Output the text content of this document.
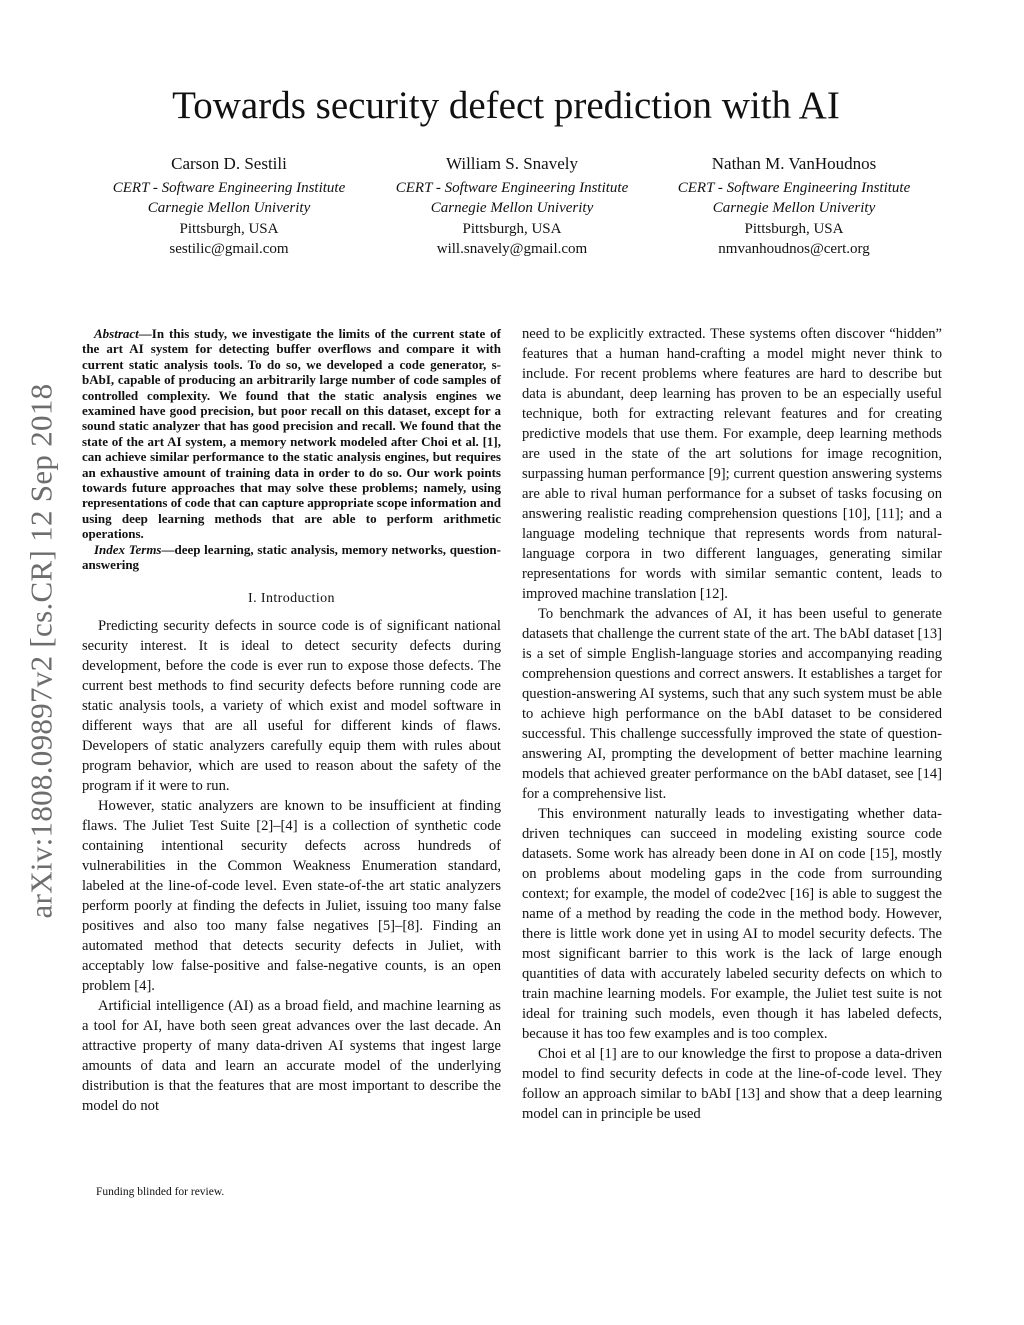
arXiv:1808.09897v2 [cs.CR] 12 Sep 2018
Towards security defect prediction with AI
Carson D. Sestili
CERT - Software Engineering Institute
Carnegie Mellon Univerity
Pittsburgh, USA
sestilic@gmail.com
William S. Snavely
CERT - Software Engineering Institute
Carnegie Mellon Univerity
Pittsburgh, USA
will.snavely@gmail.com
Nathan M. VanHoudnos
CERT - Software Engineering Institute
Carnegie Mellon Univerity
Pittsburgh, USA
nmvanhoudnos@cert.org

Abstract—In this study, we investigate the limits of the current state of the art AI system for detecting buffer overflows and compare it with current static analysis tools. To do so, we developed a code generator, s-bAbI, capable of producing an arbitrarily large number of code samples of controlled complexity. We found that the static analysis engines we examined have good precision, but poor recall on this dataset, except for a sound static analyzer that has good precision and recall. We found that the state of the art AI system, a memory network modeled after Choi et al. [1], can achieve similar performance to the static analysis engines, but requires an exhaustive amount of training data in order to do so. Our work points towards future approaches that may solve these problems; namely, using representations of code that can capture appropriate scope information and using deep learning methods that are able to perform arithmetic operations.

Index Terms—deep learning, static analysis, memory networks, question-answering

I. Introduction

Predicting security defects in source code is of significant national security interest. It is ideal to detect security defects during development, before the code is ever run to expose those defects. The current best methods to find security defects before running code are static analysis tools, a variety of which exist and model software in different ways that are all useful for different kinds of flaws. Developers of static analyzers carefully equip them with rules about program behavior, which are used to reason about the safety of the program if it were to run.

However, static analyzers are known to be insufficient at finding flaws. The Juliet Test Suite [2]–[4] is a collection of synthetic code containing intentional security defects across hundreds of vulnerabilities in the Common Weakness Enumeration standard, labeled at the line-of-code level. Even state-of-the art static analyzers perform poorly at finding the defects in Juliet, issuing too many false positives and also too many false negatives [5]–[8]. Finding an automated method that detects security defects in Juliet, with acceptably low false-positive and false-negative counts, is an open problem [4].

Artificial intelligence (AI) as a broad field, and machine learning as a tool for AI, have both seen great advances over the last decade. An attractive property of many data-driven AI systems that ingest large amounts of data and learn an accurate model of the underlying distribution is that the features that are most important to describe the model do not

need to be explicitly extracted. These systems often discover “hidden” features that a human hand-crafting a model might never think to include. For recent problems where features are hard to describe but data is abundant, deep learning has proven to be an especially useful technique, both for extracting relevant features and for creating predictive models that use them. For example, deep learning methods are used in the state of the art solutions for image recognition, surpassing human performance [9]; current question answering systems are able to rival human performance for a subset of tasks focusing on answering realistic reading comprehension questions [10], [11]; and a language modeling technique that represents words from natural-language corpora in two different languages, generating similar representations for words with similar semantic content, leads to improved machine translation [12].

To benchmark the advances of AI, it has been useful to generate datasets that challenge the current state of the art. The bAbI dataset [13] is a set of simple English-language stories and accompanying reading comprehension questions and correct answers. It establishes a target for question-answering AI systems, such that any such system must be able to achieve high performance on the bAbI dataset to be considered successful. This challenge successfully improved the state of question-answering AI, prompting the development of better machine learning models that achieved greater performance on the bAbI dataset, see [14] for a comprehensive list.

This environment naturally leads to investigating whether data-driven techniques can succeed in modeling existing source code datasets. Some work has already been done in AI on code [15], mostly on problems about modeling gaps in the code from surrounding context; for example, the model of code2vec [16] is able to suggest the name of a method by reading the code in the method body. However, there is little work done yet in using AI to model security defects. The most significant barrier to this work is the lack of large enough quantities of data with accurately labeled security defects on which to train machine learning models. For example, the Juliet test suite is not ideal for training such models, even though it has labeled defects, because it has too few examples and is too complex.

Choi et al [1] are to our knowledge the first to propose a data-driven model to find security defects in code at the line-of-code level. They follow an approach similar to bAbI [13] and show that a deep learning model can in principle be used

Funding blinded for review.
